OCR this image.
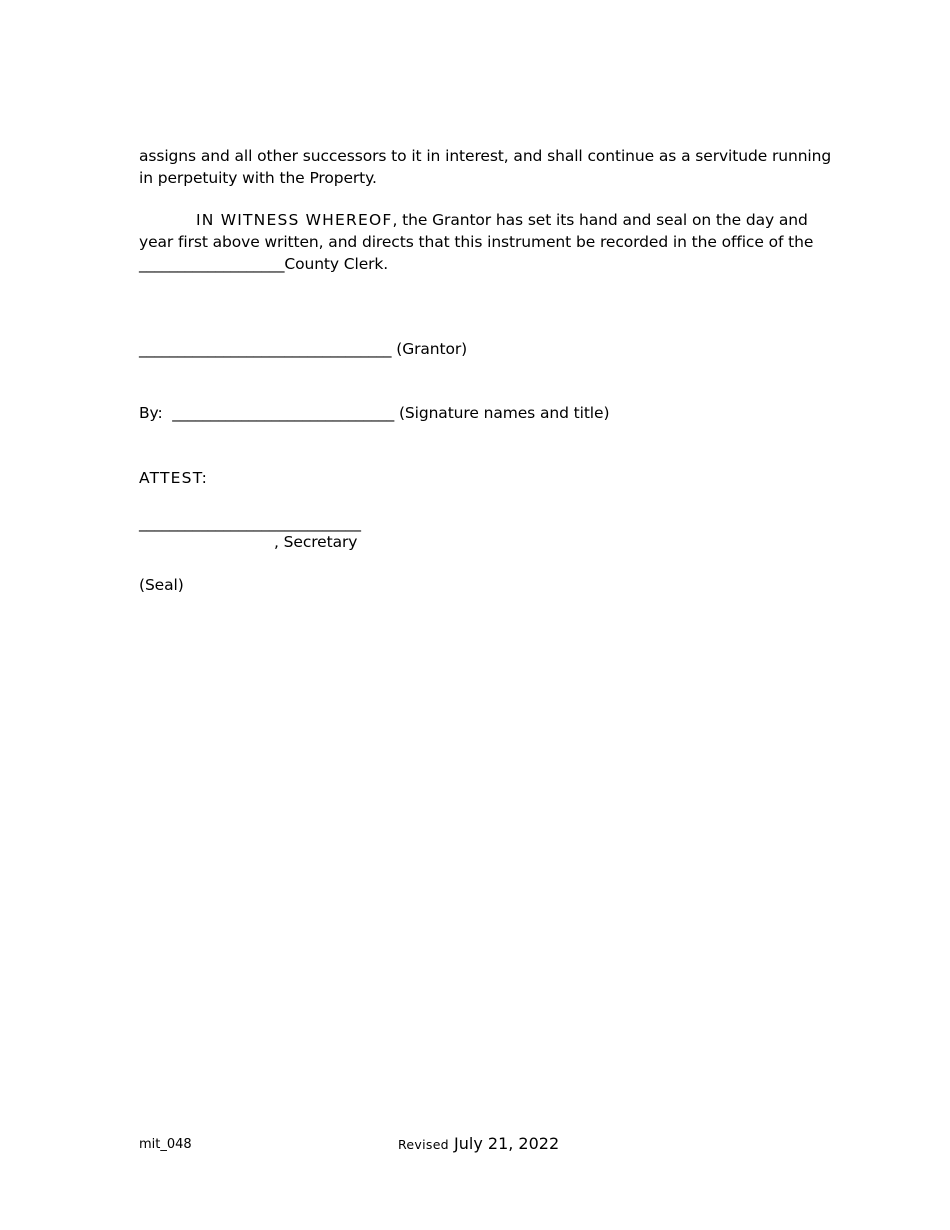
assigns and all other successors to it in interest, and shall continue as a servitude running
in perpetuity with the Property.
IN WITNESS WHEREOF, the Grantor has set its hand and seal on the day and
year first above written, and directs that this instrument be recorded in the office of the
___________________County Clerk.
_________________________________ (Grantor)
By: _____________________________ (Signature names and title)
ATTEST:
_____________________________
, Secretary
(Seal)
mit_048	Revised July 21, 2022
